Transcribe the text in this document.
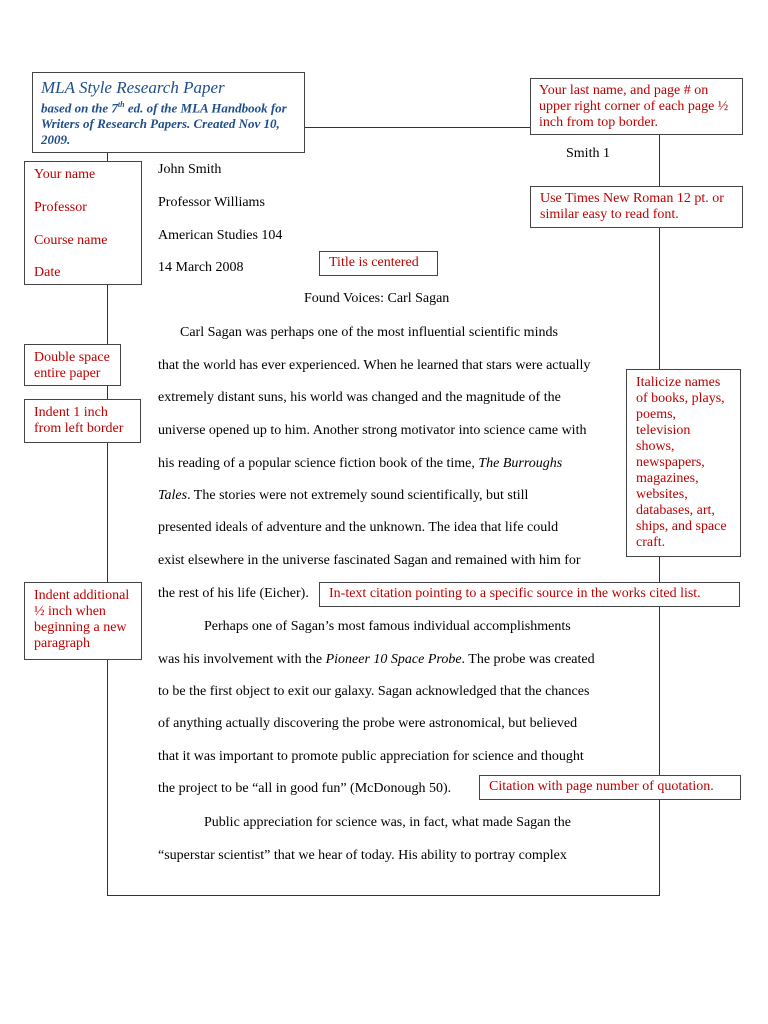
MLA Style Research Paper
based on the 7th ed. of the MLA Handbook for Writers of Research Papers. Created Nov 10, 2009.
Your last name, and page # on upper right corner of each page ½ inch from top border.
Smith 1
Use Times New Roman 12 pt. or similar easy to read font.
Your name
Professor
Course name
Date
Title is centered
Double space entire paper
Indent 1 inch from left border
Italicize names of books, plays, poems, television shows, newspapers, magazines, websites, databases, art, ships, and space craft.
Indent additional ½ inch when beginning a new paragraph
In-text citation pointing to a specific source in the works cited list.
Citation with page number of quotation.
John Smith
Professor Williams
American Studies 104
14 March 2008
Found Voices: Carl Sagan
Carl Sagan was perhaps one of the most influential scientific minds
that the world has ever experienced. When he learned that stars were actually
extremely distant suns, his world was changed and the magnitude of the
universe opened up to him. Another strong motivator into science came with
his reading of a popular science fiction book of the time, The Burroughs
Tales. The stories were not extremely sound scientifically, but still
presented ideals of adventure and the unknown. The idea that life could
exist elsewhere in the universe fascinated Sagan and remained with him for
the rest of his life (Eicher).
Perhaps one of Sagan’s most famous individual accomplishments
was his involvement with the Pioneer 10 Space Probe. The probe was created
to be the first object to exit our galaxy. Sagan acknowledged that the chances
of anything actually discovering the probe were astronomical, but believed
that it was important to promote public appreciation for science and thought
the project to be “all in good fun” (McDonough 50).
Public appreciation for science was, in fact, what made Sagan the
“superstar scientist” that we hear of today. His ability to portray complex
